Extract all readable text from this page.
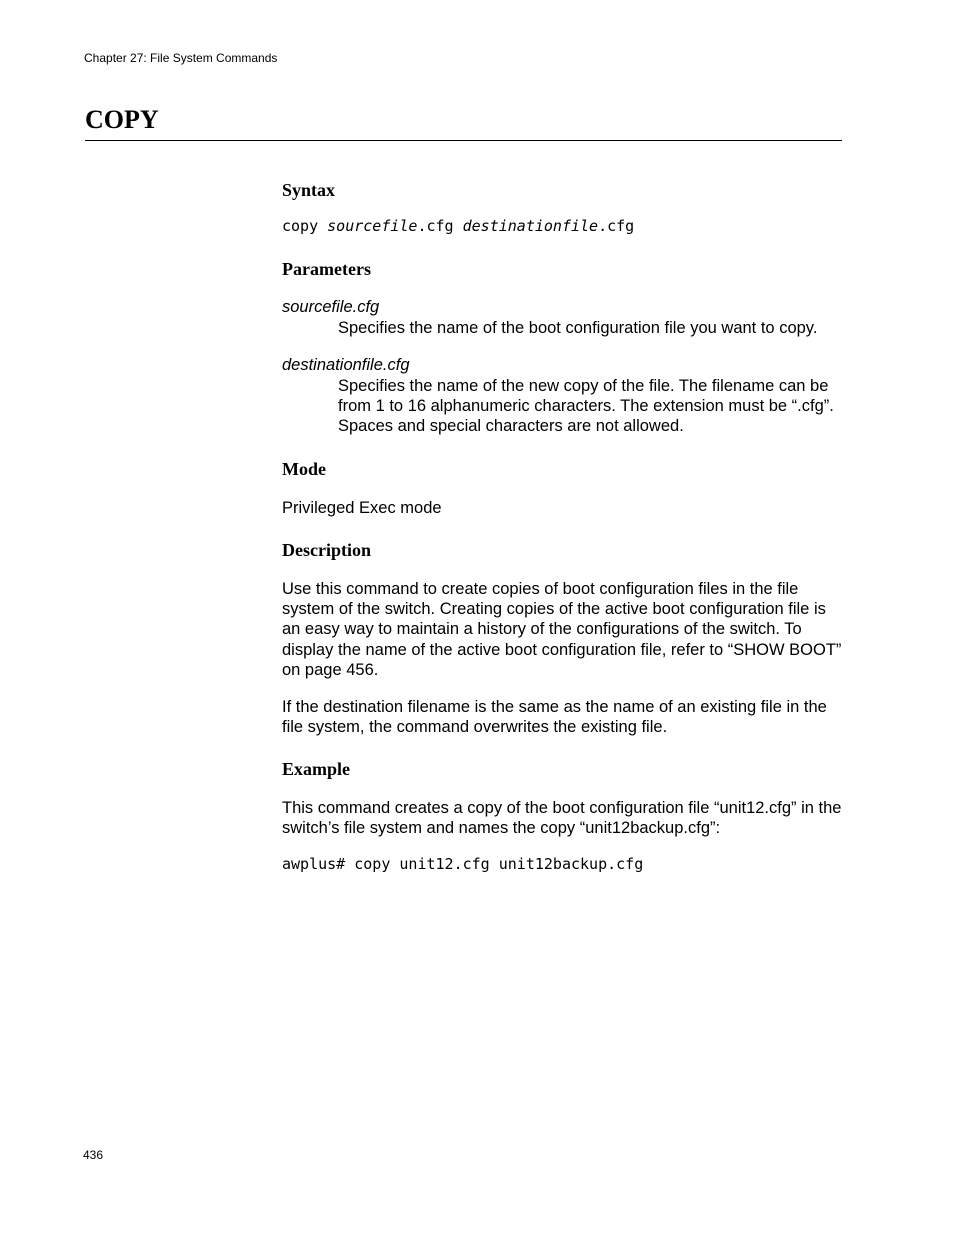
Chapter 27: File System Commands
COPY
Syntax
copy sourcefile.cfg destinationfile.cfg
Parameters
sourcefile.cfg
Specifies the name of the boot configuration file you want to copy.
destinationfile.cfg
Specifies the name of the new copy of the file. The filename can be from 1 to 16 alphanumeric characters. The extension must be “.cfg”. Spaces and special characters are not allowed.
Mode
Privileged Exec mode
Description

Use this command to create copies of boot configuration files in the file system of the switch. Creating copies of the active boot configuration file is an easy way to maintain a history of the configurations of the switch. To display the name of the active boot configuration file, refer to “SHOW BOOT” on page 456.

If the destination filename is the same as the name of an existing file in the file system, the command overwrites the existing file.

Example

This command creates a copy of the boot configuration file “unit12.cfg” in the switch’s file system and names the copy “unit12backup.cfg”:

awplus# copy unit12.cfg unit12backup.cfg
436
